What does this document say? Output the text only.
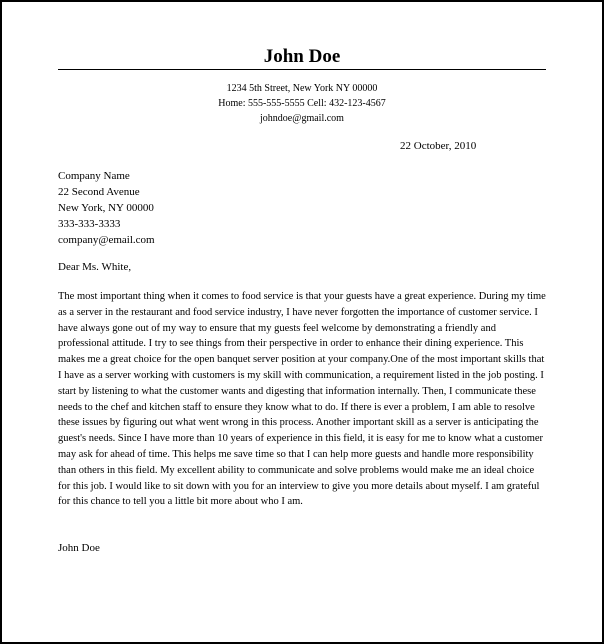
John Doe
1234 5th Street, New York NY 00000
Home: 555-555-5555 Cell: 432-123-4567
johndoe@gmail.com
22 October, 2010
Company Name
22 Second Avenue
New York, NY 00000
333-333-3333
company@email.com
Dear Ms. White,

The most important thing when it comes to food service is that your guests have a great experience. During my time as a server in the restaurant and food service industry, I have never forgotten the importance of customer service. I have always gone out of my way to ensure that my guests feel welcome by demonstrating a friendly and professional attitude. I try to see things from their perspective in order to enhance their dining experience. This makes me a great choice for the open banquet server position at your company.One of the most important skills that I have as a server working with customers is my skill with communication, a requirement listed in the job posting. I start by listening to what the customer wants and digesting that information internally. Then, I communicate these needs to the chef and kitchen staff to ensure they know what to do. If there is ever a problem, I am able to resolve these issues by figuring out what went wrong in this process. Another important skill as a server is anticipating the guest's needs. Since I have more than 10 years of experience in this field, it is easy for me to know what a customer may ask for ahead of time. This helps me save time so that I can help more guests and handle more responsibility than others in this field. My excellent ability to communicate and solve problems would make me an ideal choice for this job. I would like to sit down with you for an interview to give you more details about myself. I am grateful for this chance to tell you a little bit more about who I am.

John Doe
